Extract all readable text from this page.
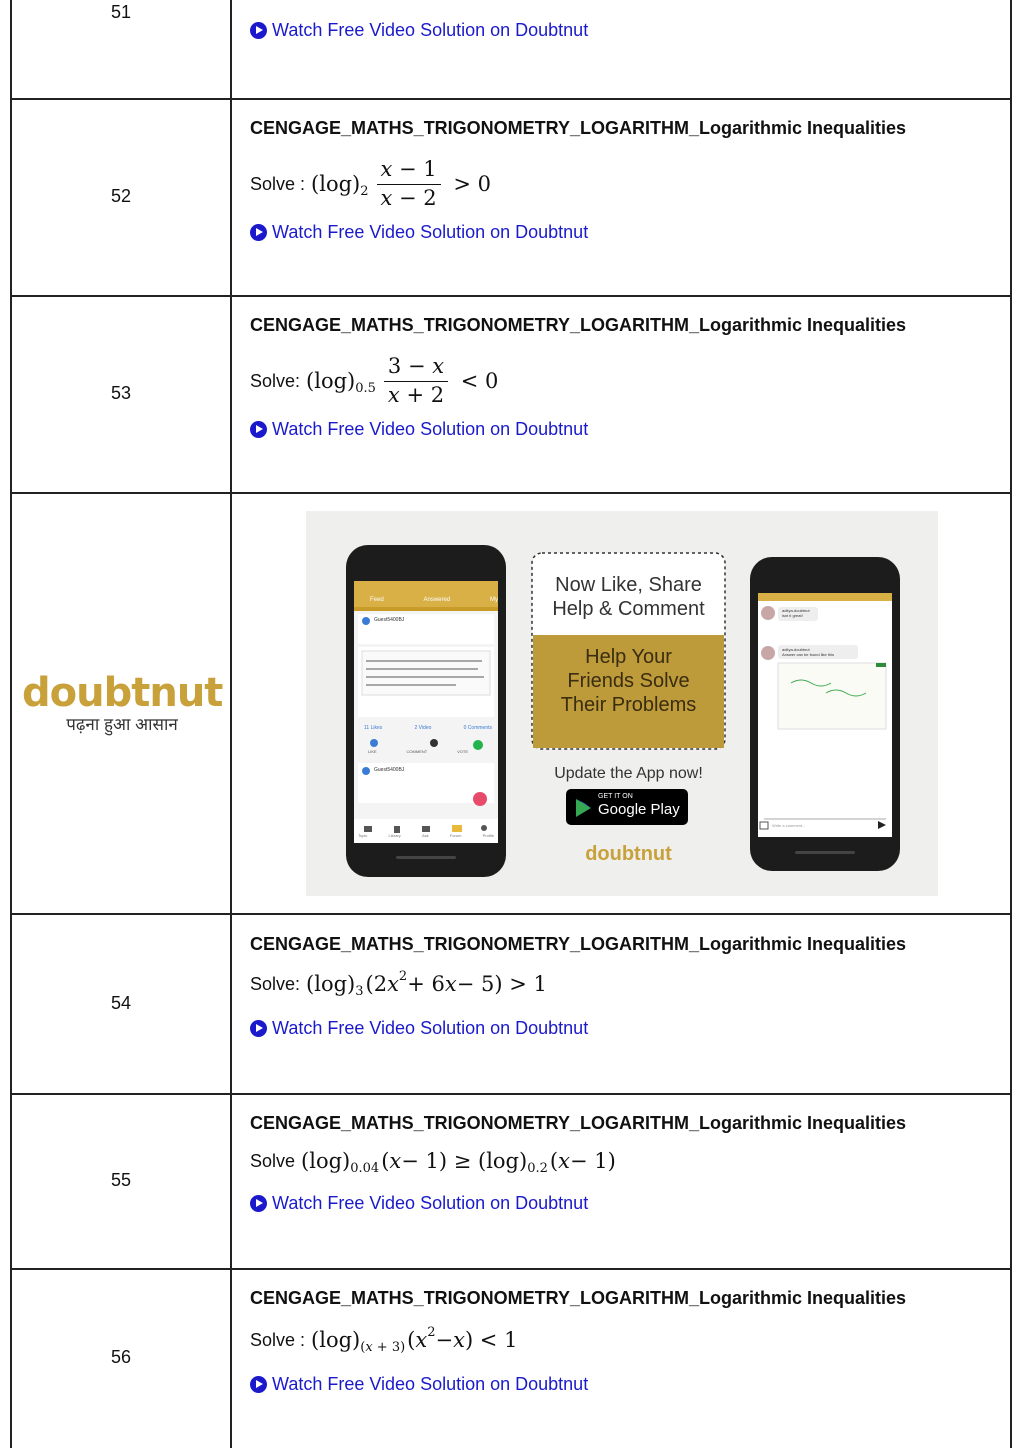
51
Watch Free Video Solution on Doubtnut
52

CENGAGE_MATHS_TRIGONOMETRY_LOGARITHM_Logarithmic Inequalities

Solve : (log) $2 \frac{x - 1}{x - 2} > 0$
Watch Free Video Solution on Doubtnut
53

CENGAGE_MATHS_TRIGONOMETRY_LOGARITHM_Logarithmic Inequalities

Solve: (log) $0.5 \frac{3 - x}{x + 2} < 0$
Watch Free Video Solution on Doubtnut
doubtnut
पढ़ना हुआ आसान
Now Like, Share
Help & Comment
Help Your
Friends Solve
Their Problems
Update the App now!
GET IT ON
Google Play
doubtnut
Feed	Answered	My
Guest5400BJ
11 Likes	2 Video	0 Comments
LIKE	COMMENT	VOTE
Guest5400BJ
Topic	Library	Ask	Forum	Profile
aditya-doubtnut
isnt it great!
aditya-doubtnut
Answer can be found like this
Write a comment...
54

CENGAGE_MATHS_TRIGONOMETRY_LOGARITHM_Logarithmic Inequalities

Solve: (log) 3 (2 x 2 + 6 x − 5) > 1
Watch Free Video Solution on Doubtnut
55

CENGAGE_MATHS_TRIGONOMETRY_LOGARITHM_Logarithmic Inequalities

Solve (log) 0.04 ( x − 1) ≥ (log) 0.2 ( x − 1)
Watch Free Video Solution on Doubtnut
56

CENGAGE_MATHS_TRIGONOMETRY_LOGARITHM_Logarithmic Inequalities

Solve : (log) (x + 3) ( x 2 − x ) < 1
Watch Free Video Solution on Doubtnut
